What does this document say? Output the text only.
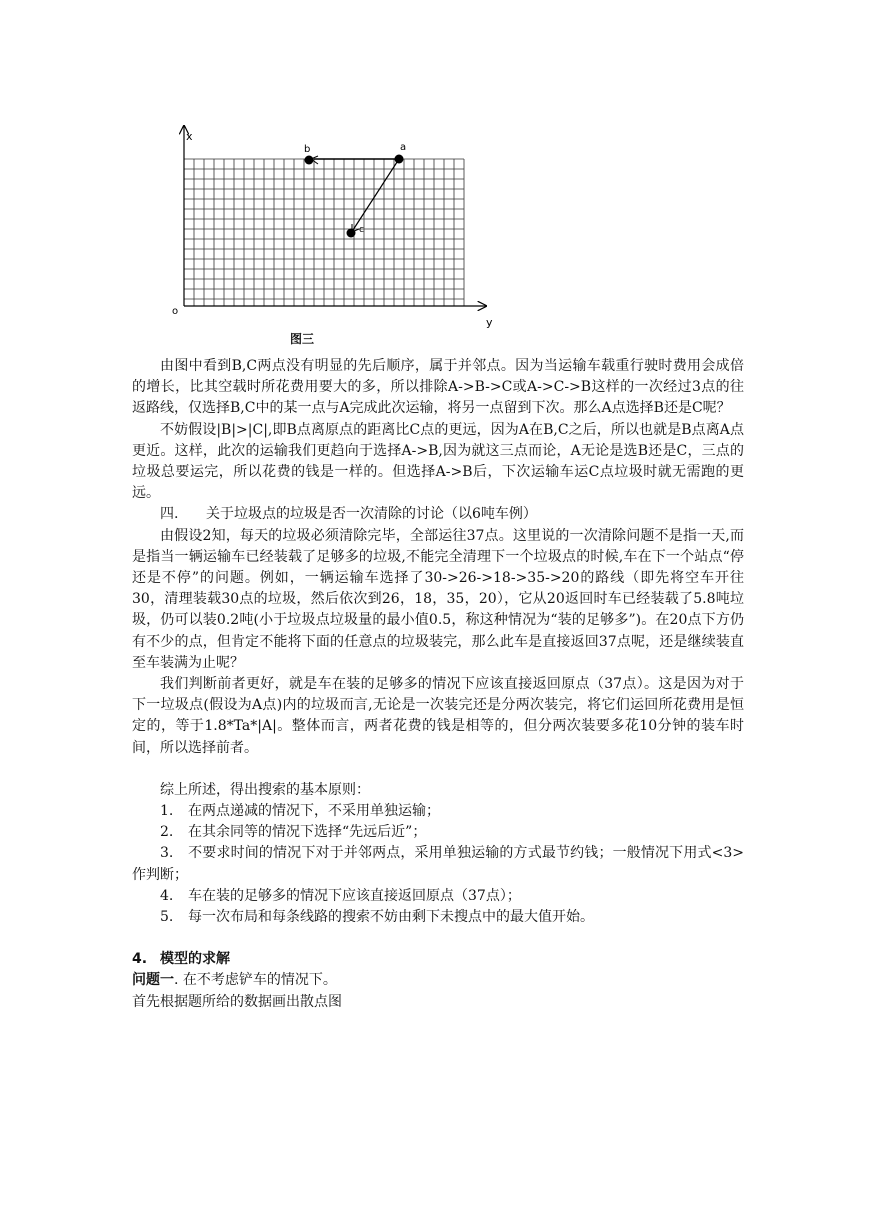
x
y
o
a
b
c
图三

由图中看到B,C两点没有明显的先后顺序，属于并邻点。因为当运输车载重行驶时费用会成倍的增长，比其空载时所花费用要大的多，所以排除A->B->C或A->C->B这样的一次经过3点的往返路线，仅选择B,C中的某一点与A完成此次运输，将另一点留到下次。那么A点选择B还是C呢？

不妨假设|B|>|C|,即B点离原点的距离比C点的更远，因为A在B,C之后，所以也就是B点离A点更近。这样，此次的运输我们更趋向于选择A->B,因为就这三点而论，A无论是选B还是C，三点的垃圾总要运完，所以花费的钱是一样的。但选择A->B后，下次运输车运C点垃圾时就无需跑的更远。

四. 关于垃圾点的垃圾是否一次清除的讨论（以6吨车例）

由假设2知，每天的垃圾必须清除完毕，全部运往37点。这里说的一次清除问题不是指一天,而是指当一辆运输车已经装载了足够多的垃圾,不能完全清理下一个垃圾点的时候,车在下一个站点“停还是不停”的问题。例如，一辆运输车选择了30->26->18->35->20的路线（即先将空车开往30，清理装载30点的垃圾，然后依次到26，18，35，20），它从20返回时车已经装载了5.8吨垃圾，仍可以装0.2吨(小于垃圾点垃圾量的最小值0.5，称这种情况为“装的足够多”)。在20点下方仍有不少的点，但肯定不能将下面的任意点的垃圾装完，那么此车是直接返回37点呢，还是继续装直至车装满为止呢？

我们判断前者更好，就是车在装的足够多的情况下应该直接返回原点（37点）。这是因为对于下一垃圾点(假设为A点)内的垃圾而言,无论是一次装完还是分两次装完，将它们运回所花费用是恒定的，等于1.8*Ta*|A|。整体而言，两者花费的钱是相等的，但分两次装要多花10分钟的装车时间，所以选择前者。

综上所述，得出搜索的基本原则：

1. 在两点递减的情况下，不采用单独运输；

2. 在其余同等的情况下选择“先远后近”；

3. 不要求时间的情况下对于并邻两点，采用单独运输的方式最节约钱；一般情况下用式<3> 作判断；

4. 车在装的足够多的情况下应该直接返回原点（37点）；

5. 每一次布局和每条线路的搜索不妨由剩下未搜点中的最大值开始。

4. 模型的求解

问题一. 在不考虑铲车的情况下。

首先根据题所给的数据画出散点图
